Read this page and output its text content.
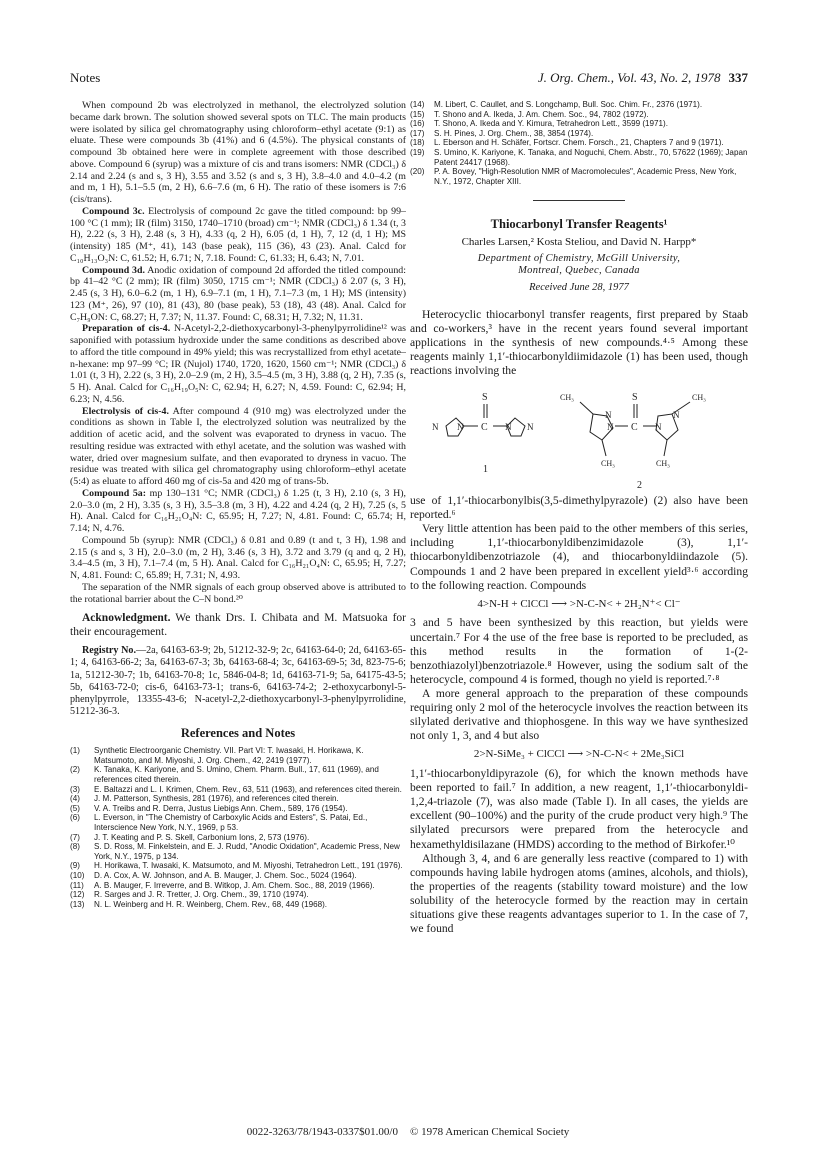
Notes	J. Org. Chem., Vol. 43, No. 2, 1978 337

When compound 2b was electrolyzed in methanol, the electrolyzed solution became dark brown. The solution showed several spots on TLC. The main products were isolated by silica gel chromatography using chloroform–ethyl acetate (9:1) as eluate. These were compounds 3b (41%) and 6 (4.5%). The physical constants of compound 3b obtained here were in complete agreement with those described above. Compound 6 (syrup) was a mixture of cis and trans isomers: NMR (CDCl₃) δ 2.14 and 2.24 (s and s, 3 H), 3.55 and 3.52 (s and s, 3 H), 3.8–4.0 and 4.0–4.2 (m and m, 1 H), 5.1–5.5 (m, 2 H), 6.6–7.6 (m, 6 H). The ratio of these isomers is 7:6 (cis/trans).

Compound 3c. Electrolysis of compound 2c gave the titled compound: bp 99–100 °C (1 mm); IR (film) 3150, 1740–1710 (broad) cm⁻¹; NMR (CDCl₃) δ 1.34 (t, 3 H), 2.22 (s, 3 H), 2.48 (s, 3 H), 4.33 (q, 2 H), 6.05 (d, 1 H), 7, 12 (d, 1 H); MS (intensity) 185 (M⁺, 41), 143 (base peak), 115 (36), 43 (23). Anal. Calcd for C₁₀H₁₃O₃N: C, 61.52; H, 6.71; N, 7.18. Found: C, 61.33; H, 6.43; N, 7.01.

Compound 3d. Anodic oxidation of compound 2d afforded the titled compound: bp 41–42 °C (2 mm); IR (film) 3050, 1715 cm⁻¹; NMR (CDCl₃) δ 2.07 (s, 3 H), 2.45 (s, 3 H), 6.0–6.2 (m, 1 H), 6.9–7.1 (m, 1 H), 7.1–7.3 (m, 1 H); MS (intensity) 123 (M⁺, 26), 97 (10), 81 (43), 80 (base peak), 53 (18), 43 (48). Anal. Calcd for C₇H₉ON: C, 68.27; H, 7.37; N, 11.37. Found: C, 68.31; H, 7.32; N, 11.31.

Preparation of cis-4. N-Acetyl-2,2-diethoxycarbonyl-3-phenylpyrrolidine¹² was saponified with potassium hydroxide under the same conditions as described above to afford the title compound in 49% yield; this was recrystallized from ethyl acetate–n-hexane: mp 97–99 °C; IR (Nujol) 1740, 1720, 1620, 1560 cm⁻¹; NMR (CDCl₃) δ 1.01 (t, 3 H), 2.22 (s, 3 H), 2.0–2.9 (m, 2 H), 3.5–4.5 (m, 3 H), 3.88 (q, 2 H), 7.35 (s, 5 H). Anal. Calcd for C₁₆H₁₉O₅N: C, 62.94; H, 6.27; N, 4.59. Found: C, 62.94; H, 6.23; N, 4.56.

Electrolysis of cis-4. After compound 4 (910 mg) was electrolyzed under the conditions as shown in Table I, the electrolyzed solution was neutralized by the addition of acetic acid, and the solvent was evaporated to dryness in vacuo. The resulting residue was extracted with ethyl acetate, and the solution was washed with water, dried over magnesium sulfate, and then evaporated to dryness in vacuo. The residue was treated with silica gel chromatography using chloroform–ethyl acetate (5:4) as eluate to afford 460 mg of cis-5a and 420 mg of trans-5b.

Compound 5a: mp 130–131 °C; NMR (CDCl₃) δ 1.25 (t, 3 H), 2.10 (s, 3 H), 2.0–3.0 (m, 2 H), 3.35 (s, 3 H), 3.5–3.8 (m, 3 H), 4.22 and 4.24 (q, 2 H), 7.25 (s, 5 H). Anal. Calcd for C₁₆H₂₁O₄N: C, 65.95; H, 7.27; N, 4.81. Found: C, 65.74; H, 7.14; N, 4.76.

Compound 5b (syrup): NMR (CDCl₃) δ 0.81 and 0.89 (t and t, 3 H), 1.98 and 2.15 (s and s, 3 H), 2.0–3.0 (m, 2 H), 3.46 (s, 3 H), 3.72 and 3.79 (q and q, 2 H), 3.4–4.5 (m, 3 H), 7.1–7.4 (m, 5 H). Anal. Calcd for C₁₆H₂₁O₄N: C, 65.95; H, 7.27; N, 4.81. Found: C, 65.89; H, 7.31; N, 4.93.

The separation of the NMR signals of each group observed above is attributed to the rotational barrier about the C–N bond.²⁰

Acknowledgment. We thank Drs. I. Chibata and M. Matsuoka for their encouragement.

Registry No.—2a, 64163-63-9; 2b, 51212-32-9; 2c, 64163-64-0; 2d, 64163-65-1; 4, 64163-66-2; 3a, 64163-67-3; 3b, 64163-68-4; 3c, 64163-69-5; 3d, 823-75-6; 1a, 51212-30-7; 1b, 64163-70-8; 1c, 5846-04-8; 1d, 64163-71-9; 5a, 64175-43-5; 5b, 64163-72-0; cis-6, 64163-73-1; trans-6, 64163-74-2; 2-ethoxycarbonyl-5-phenylpyrrole, 13355-43-6; N-acetyl-2,2-diethoxycarbonyl-3-phenylpyrrolidine, 51212-36-3.

References and Notes
(1) Synthetic Electroorganic Chemistry. VII. Part VI: T. Iwasaki, H. Horikawa, K. Matsumoto, and M. Miyoshi, J. Org. Chem., 42, 2419 (1977).
(2) K. Tanaka, K. Kariyone, and S. Umino, Chem. Pharm. Bull., 17, 611 (1969), and references cited therein.
(3) E. Baltazzi and L. I. Krimen, Chem. Rev., 63, 511 (1963), and references cited therein.
(4) J. M. Patterson, Synthesis, 281 (1976), and references cited therein.
(5) V. A. Treibs and R. Derra, Justus Liebigs Ann. Chem., 589, 176 (1954).
(6) L. Everson, in "The Chemistry of Carboxylic Acids and Esters", S. Patai, Ed., Interscience New York, N.Y., 1969, p 53.
(7) J. T. Keating and P. S. Skell, Carbonium Ions, 2, 573 (1976).
(8) S. D. Ross, M. Finkelstein, and E. J. Rudd, "Anodic Oxidation", Academic Press, New York, N.Y., 1975, p 134.
(9) H. Horikawa, T. Iwasaki, K. Matsumoto, and M. Miyoshi, Tetrahedron Lett., 191 (1976).
(10) D. A. Cox, A. W. Johnson, and A. B. Mauger, J. Chem. Soc., 5024 (1964).
(11) A. B. Mauger, F. Irreverre, and B. Witkop, J. Am. Chem. Soc., 88, 2019 (1966).
(12) R. Sarges and J. R. Tretter, J. Org. Chem., 39, 1710 (1974).
(13) N. L. Weinberg and H. R. Weinberg, Chem. Rev., 68, 449 (1968).
(14) M. Libert, C. Caullet, and S. Longchamp, Bull. Soc. Chim. Fr., 2376 (1971).
(15) T. Shono and A. Ikeda, J. Am. Chem. Soc., 94, 7802 (1972).
(16) T. Shono, A. Ikeda and Y. Kimura, Tetrahedron Lett., 3599 (1971).
(17) S. H. Pines, J. Org. Chem., 38, 3854 (1974).
(18) L. Eberson and H. Schäfer, Fortscr. Chem. Forsch., 21, Chapters 7 and 9 (1971).
(19) S. Umino, K. Kariyone, K. Tanaka, and Noguchi, Chem. Abstr., 70, 57622 (1969); Japan Patent 24417 (1968).
(20) P. A. Bovey, "High-Resolution NMR of Macromolecules", Academic Press, New York, N.Y., 1972, Chapter XIII.
Thiocarbonyl Transfer Reagents¹
Charles Larsen,² Kosta Steliou, and David N. Harpp*
Department of Chemistry, McGill University,
Montreal, Quebec, Canada
Received June 28, 1977

Heterocyclic thiocarbonyl transfer reagents, first prepared by Staab and co-workers,³ have in the recent years found several important applications in the synthesis of new compounds.⁴·⁵ Among these reagents mainly 1,1′-thiocarbonyldiimidazole (1) has been used, though reactions involving the

S
C
N N	N N
1
S
C
N
N	N
N
CH₃	CH₃
CH₃	CH₃
2

use of 1,1′-thiocarbonylbis(3,5-dimethylpyrazole) (2) also have been reported.⁶

Very little attention has been paid to the other members of this series, including 1,1′-thiocarbonyldibenzimidazole (3), 1,1′-thiocarbonyldibenzotriazole (4), and thiocarbonyldiindazole (5). Compounds 1 and 2 have been prepared in excellent yield³·⁶ according to the following reaction. Compounds

4>N-H + ClCCl ⟶ >N-C-N< + 2H₂N⁺< Cl⁻

3 and 5 have been synthesized by this reaction, but yields were uncertain.⁷ For 4 the use of the free base is reported to be precluded, as this method results in the formation of 1-(2-benzothiazolyl)benzotriazole.⁸ However, using the sodium salt of the heterocycle, compound 4 is formed, though no yield is reported.⁷·⁸

A more general approach to the preparation of these compounds requiring only 2 mol of the heterocycle involves the reaction between its silylated derivative and thiophosgene. In this way we have synthesized not only 1, 3, and 4 but also

2>N-SiMe₃ + ClCCl ⟶ >N-C-N< + 2Me₃SiCl

1,1′-thiocarbonyldipyrazole (6), for which the known methods have been reported to fail.⁷ In addition, a new reagent, 1,1′-thiocarbonyldi-1,2,4-triazole (7), was also made (Table I). In all cases, the yields are excellent (90–100%) and the purity of the crude product very high.⁹ The silylated precursors were prepared from the heterocycle and hexamethyldisilazane (HMDS) according to the method of Birkofer.¹⁰

Although 3, 4, and 6 are generally less reactive (compared to 1) with compounds having labile hydrogen atoms (amines, alcohols, and thiols), the properties of the reagents (stability toward moisture) and the low solubility of the heterocycle formed by the reaction may in certain situations give these reagents advantages superior to 1. In the case of 7, we found

0022-3263/78/1943-0337$01.00/0 © 1978 American Chemical Society
